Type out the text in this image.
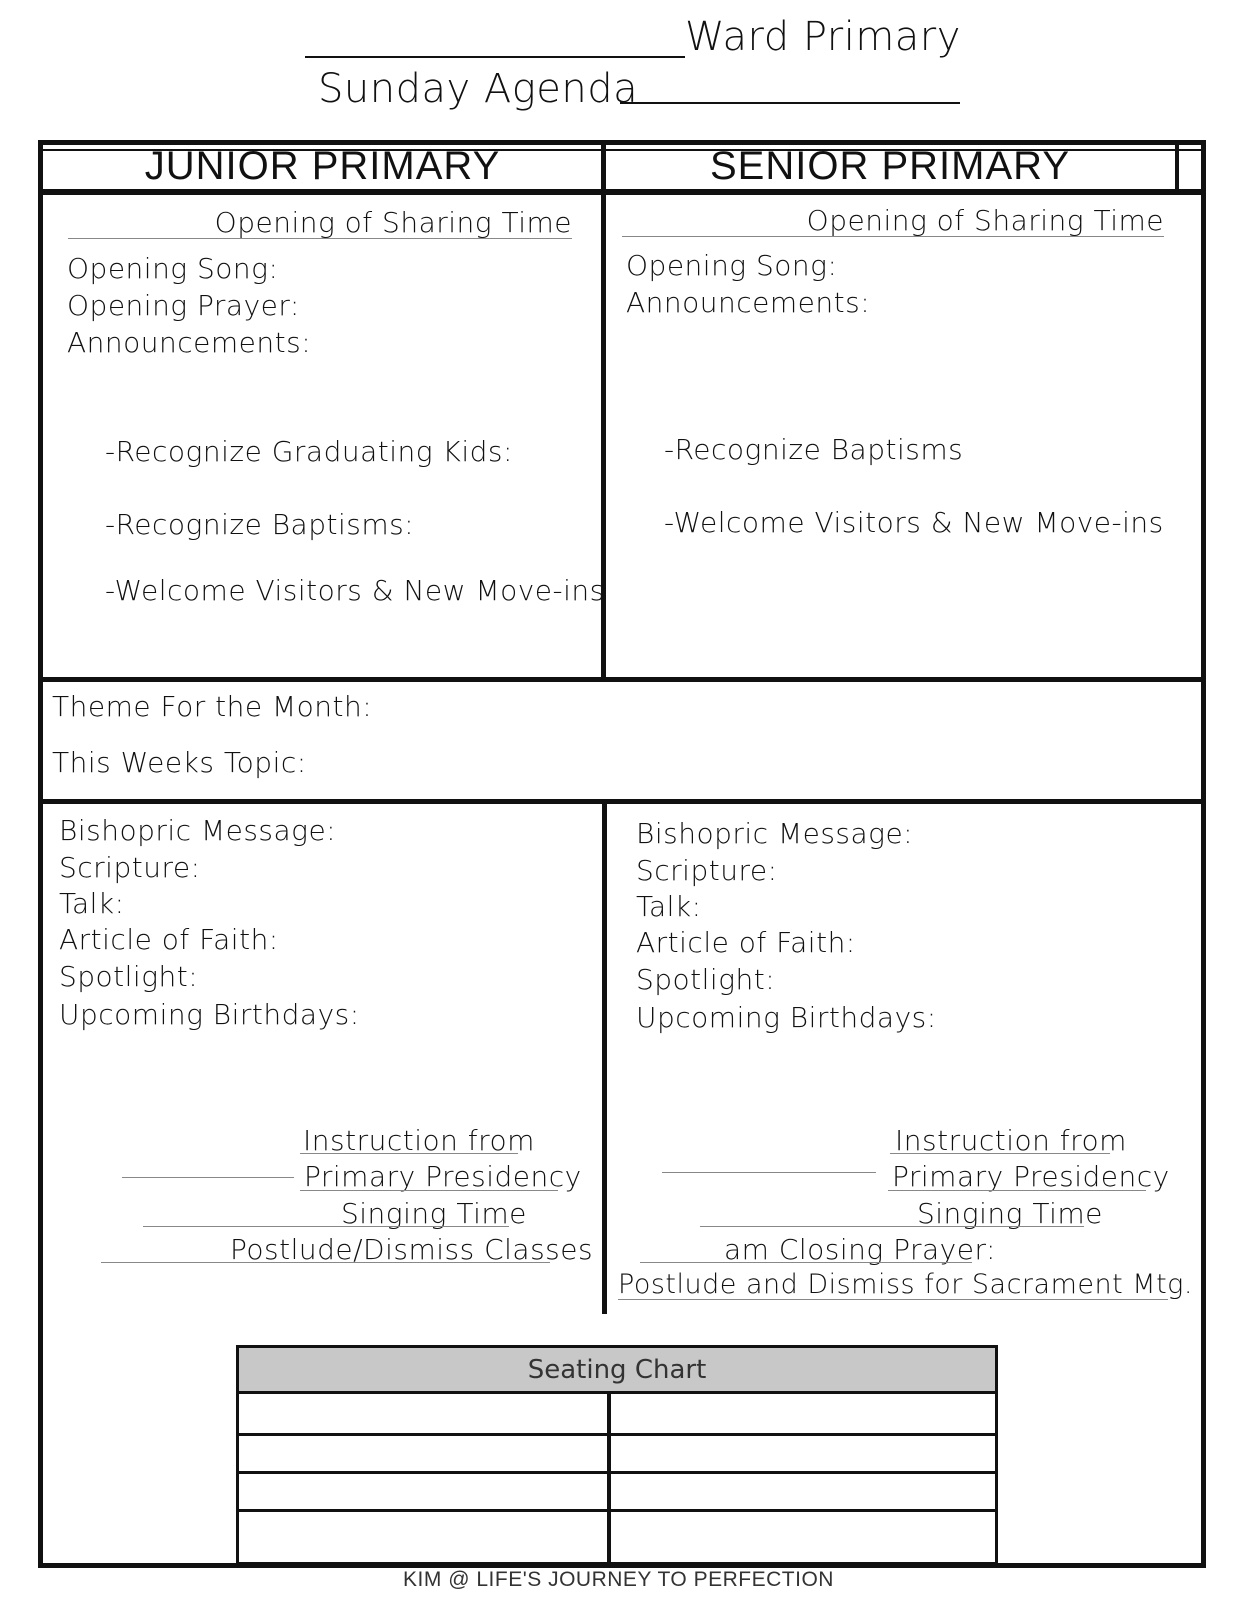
Ward Primary
Sunday Agenda
JUNIOR PRIMARY	SENIOR PRIMARY
Opening of Sharing Time
Opening Song:
Opening Prayer:
Announcements:
-Recognize Graduating Kids:
-Recognize Baptisms:
-Welcome Visitors & New Move-ins
Opening of Sharing Time
Opening Song:
Announcements:
-Recognize Baptisms
-Welcome Visitors & New Move-ins
Theme For the Month:
This Weeks Topic:
Bishopric Message:
Scripture:
Talk:
Article of Faith:
Spotlight:
Upcoming Birthdays:
Bishopric Message:
Scripture:
Talk:
Article of Faith:
Spotlight:
Upcoming Birthdays:
Instruction from
Primary Presidency
Singing Time
Postlude/Dismiss Classes
Instruction from
Primary Presidency
Singing Time
am Closing Prayer:
Postlude and Dismiss for Sacrament Mtg.
Seating Chart
KIM @ LIFE'S JOURNEY TO PERFECTION
